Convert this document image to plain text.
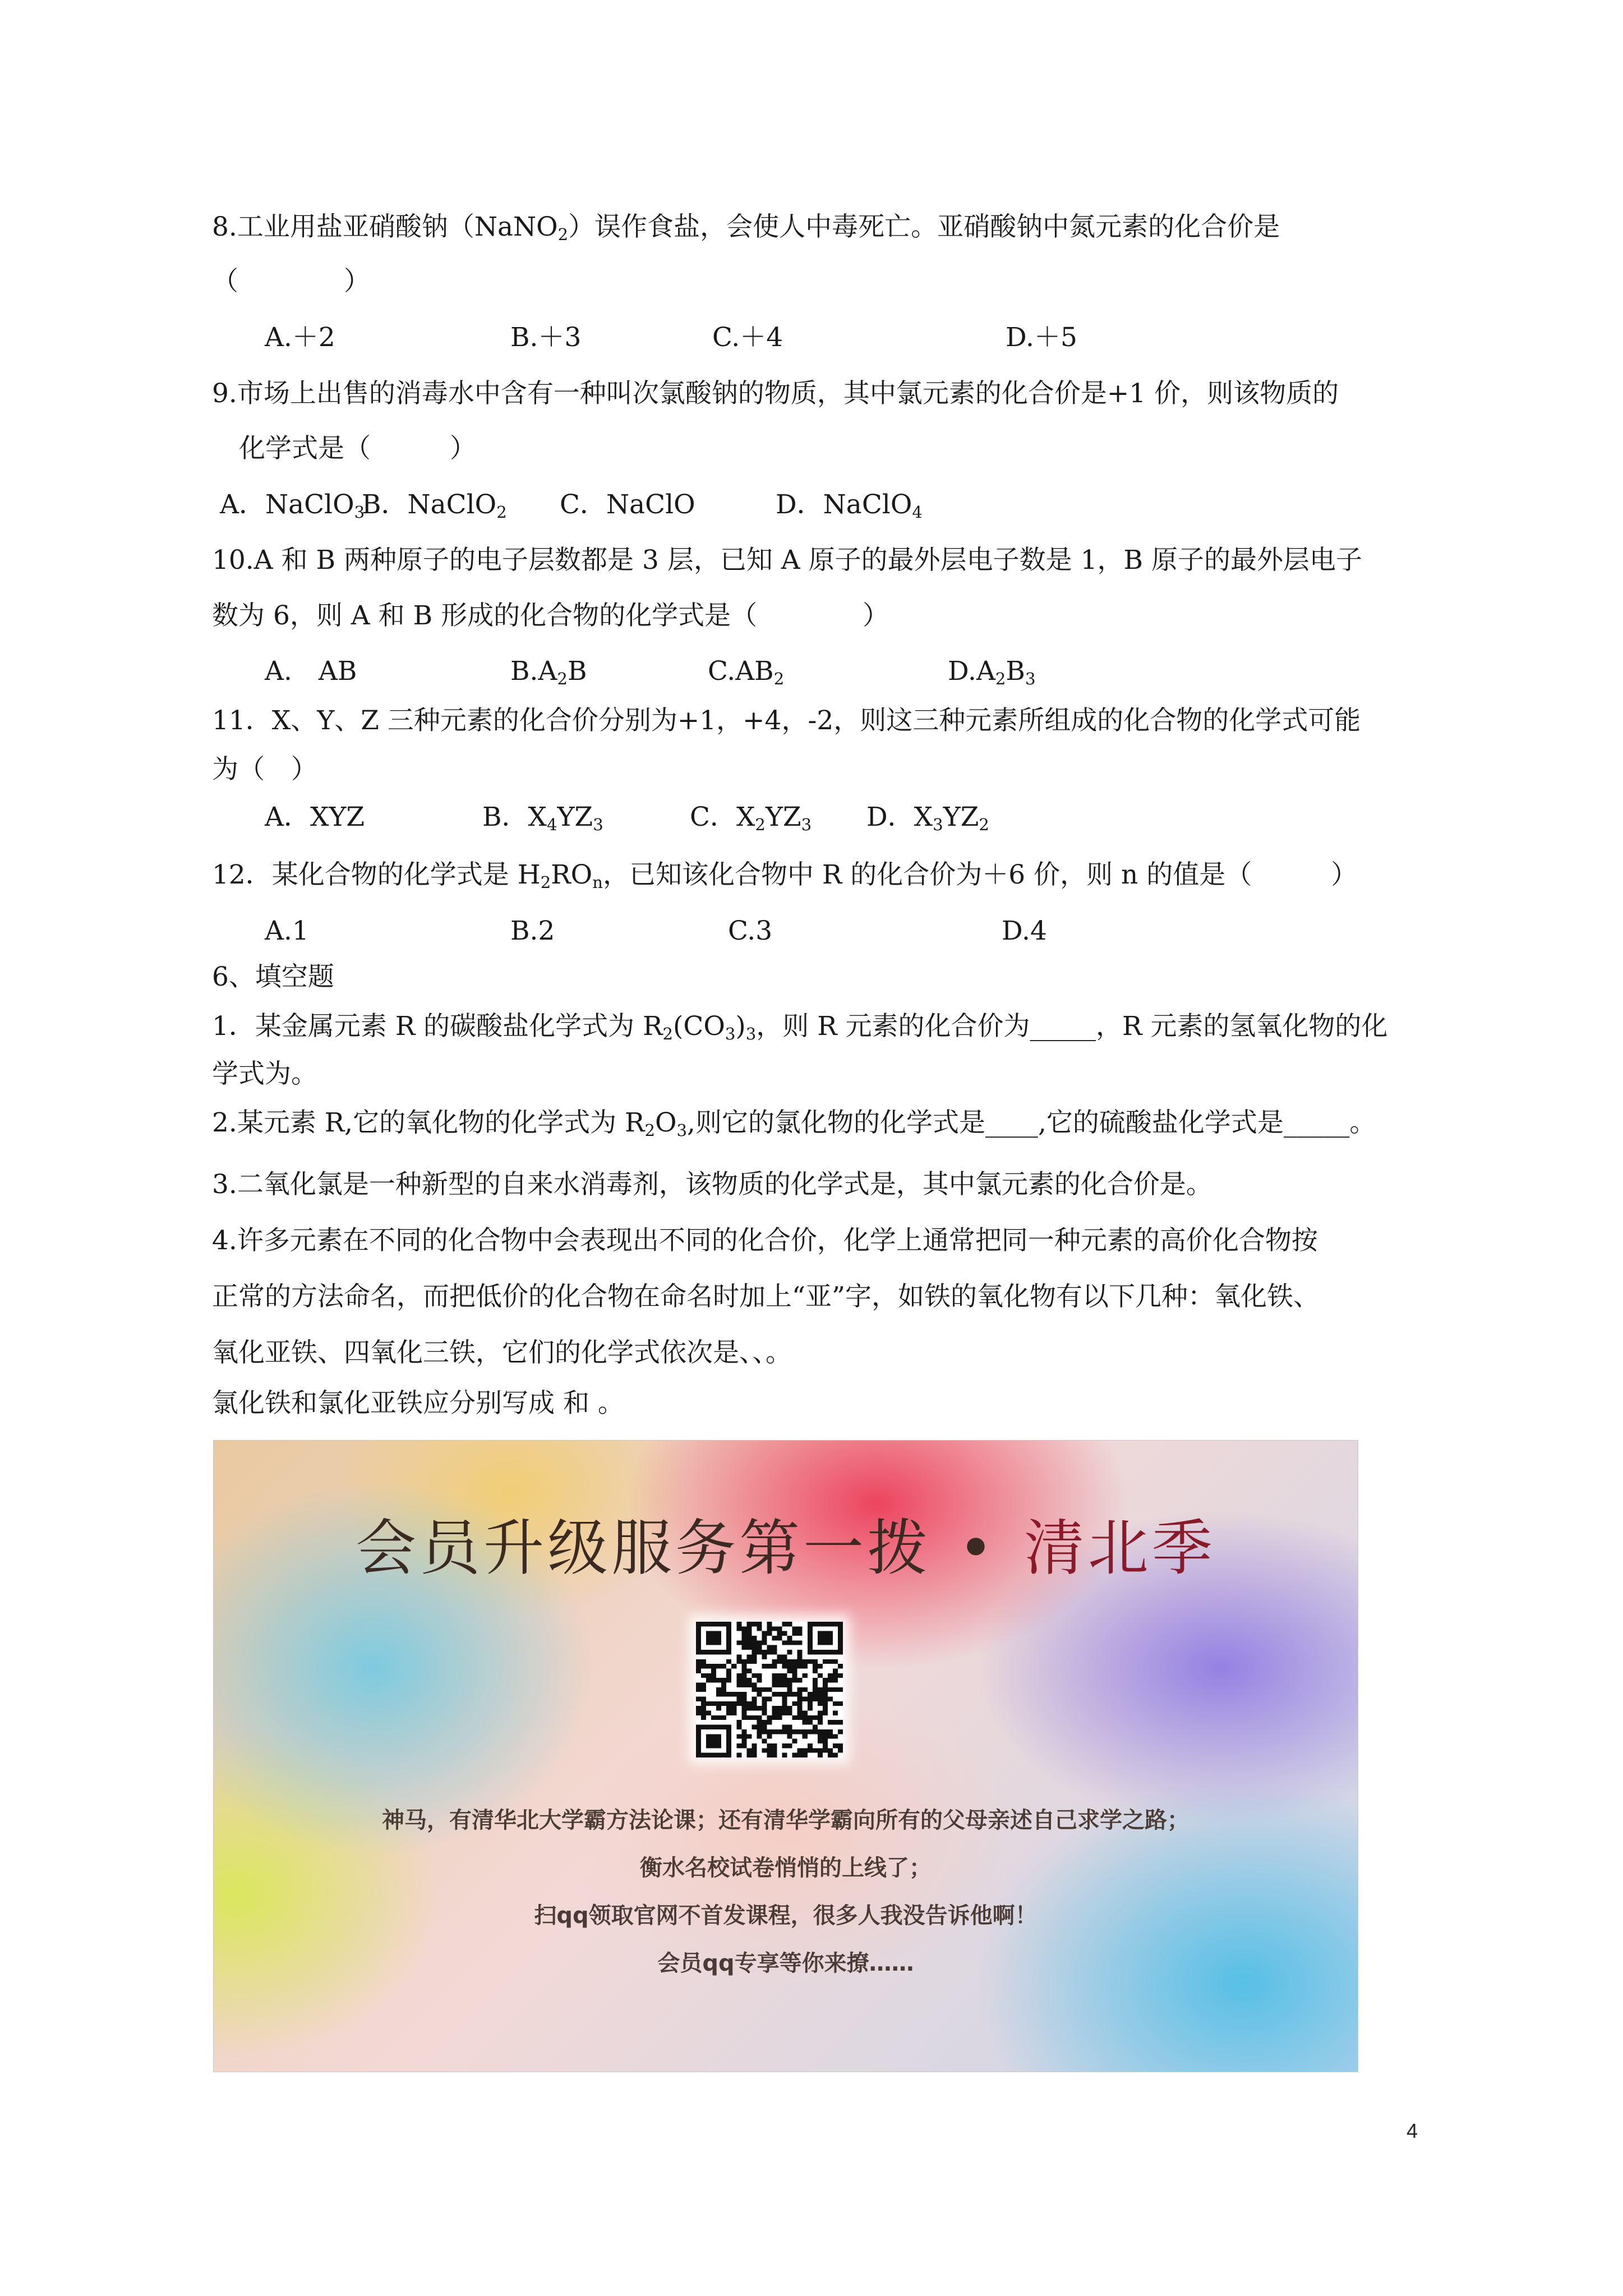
8.工业用盐亚硝酸钠（NaNO$_2$）误作食盐，会使人中毒死亡。亚硝酸钠中氮元素的化合价是
（　　　　）
A.＋2	B.＋3	C.＋4	D.＋5
9.市场上出售的消毒水中含有一种叫次氯酸钠的物质，其中氯元素的化合价是+1 价，则该物质的
化学式是（　　　）
A．NaClO$_3$
B．NaClO$_2$ C．NaClO	D．NaClO$_4$
10.A 和 B 两种原子的电子层数都是 3 层，已知 A 原子的最外层电子数是 1，B 原子的最外层电子
数为 6，则 A 和 B 形成的化合物的化学式是（　　　　）
A.　AB	$B.A_2B$	$C.AB_2$	$D.A_2B_3$
11．X、Y、Z 三种元素的化合价分别为+1，+4，-2，则这三种元素所组成的化合物的化学式可能
为（　）
A．XYZ	B．$X_4YZ_3$	C．$X_2YZ_3$ D．$X_3YZ_2$
12．某化合物的化学式是 $H_2RO_n$，已知该化合物中 R 的化合价为＋6 价，则 n 的值是（　　　）
A.1	B.2	C.3	D.4
6、填空题
1．某金属元素 R 的碳酸盐化学式为 $R_2(CO_3)_3$，则 R 元素的化合价为_____，R 元素的氢氧化物的化
学式为。
2.某元素 R,它的氧化物的化学式为 $R_2O_3$,则它的氯化物的化学式是____,它的硫酸盐化学式是_____。
3.二氧化氯是一种新型的自来水消毒剂，该物质的化学式是，其中氯元素的化合价是。
4.许多元素在不同的化合物中会表现出不同的化合价，化学上通常把同一种元素的高价化合物按
正常的方法命名，而把低价的化合物在命名时加上“亚”字，如铁的氧化物有以下几种：氧化铁、
氧化亚铁、四氧化三铁，它们的化学式依次是、、。
氯化铁和氯化亚铁应分别写成 和 。
会员升级服务第一拨 • 清北季
神马，有清华北大学霸方法论课；还有清华学霸向所有的父母亲述自己求学之路；
衡水名校试卷悄悄的上线了；
扫qq领取官网不首发课程，很多人我没告诉他啊！
会员qq专享等你来撩……
4
